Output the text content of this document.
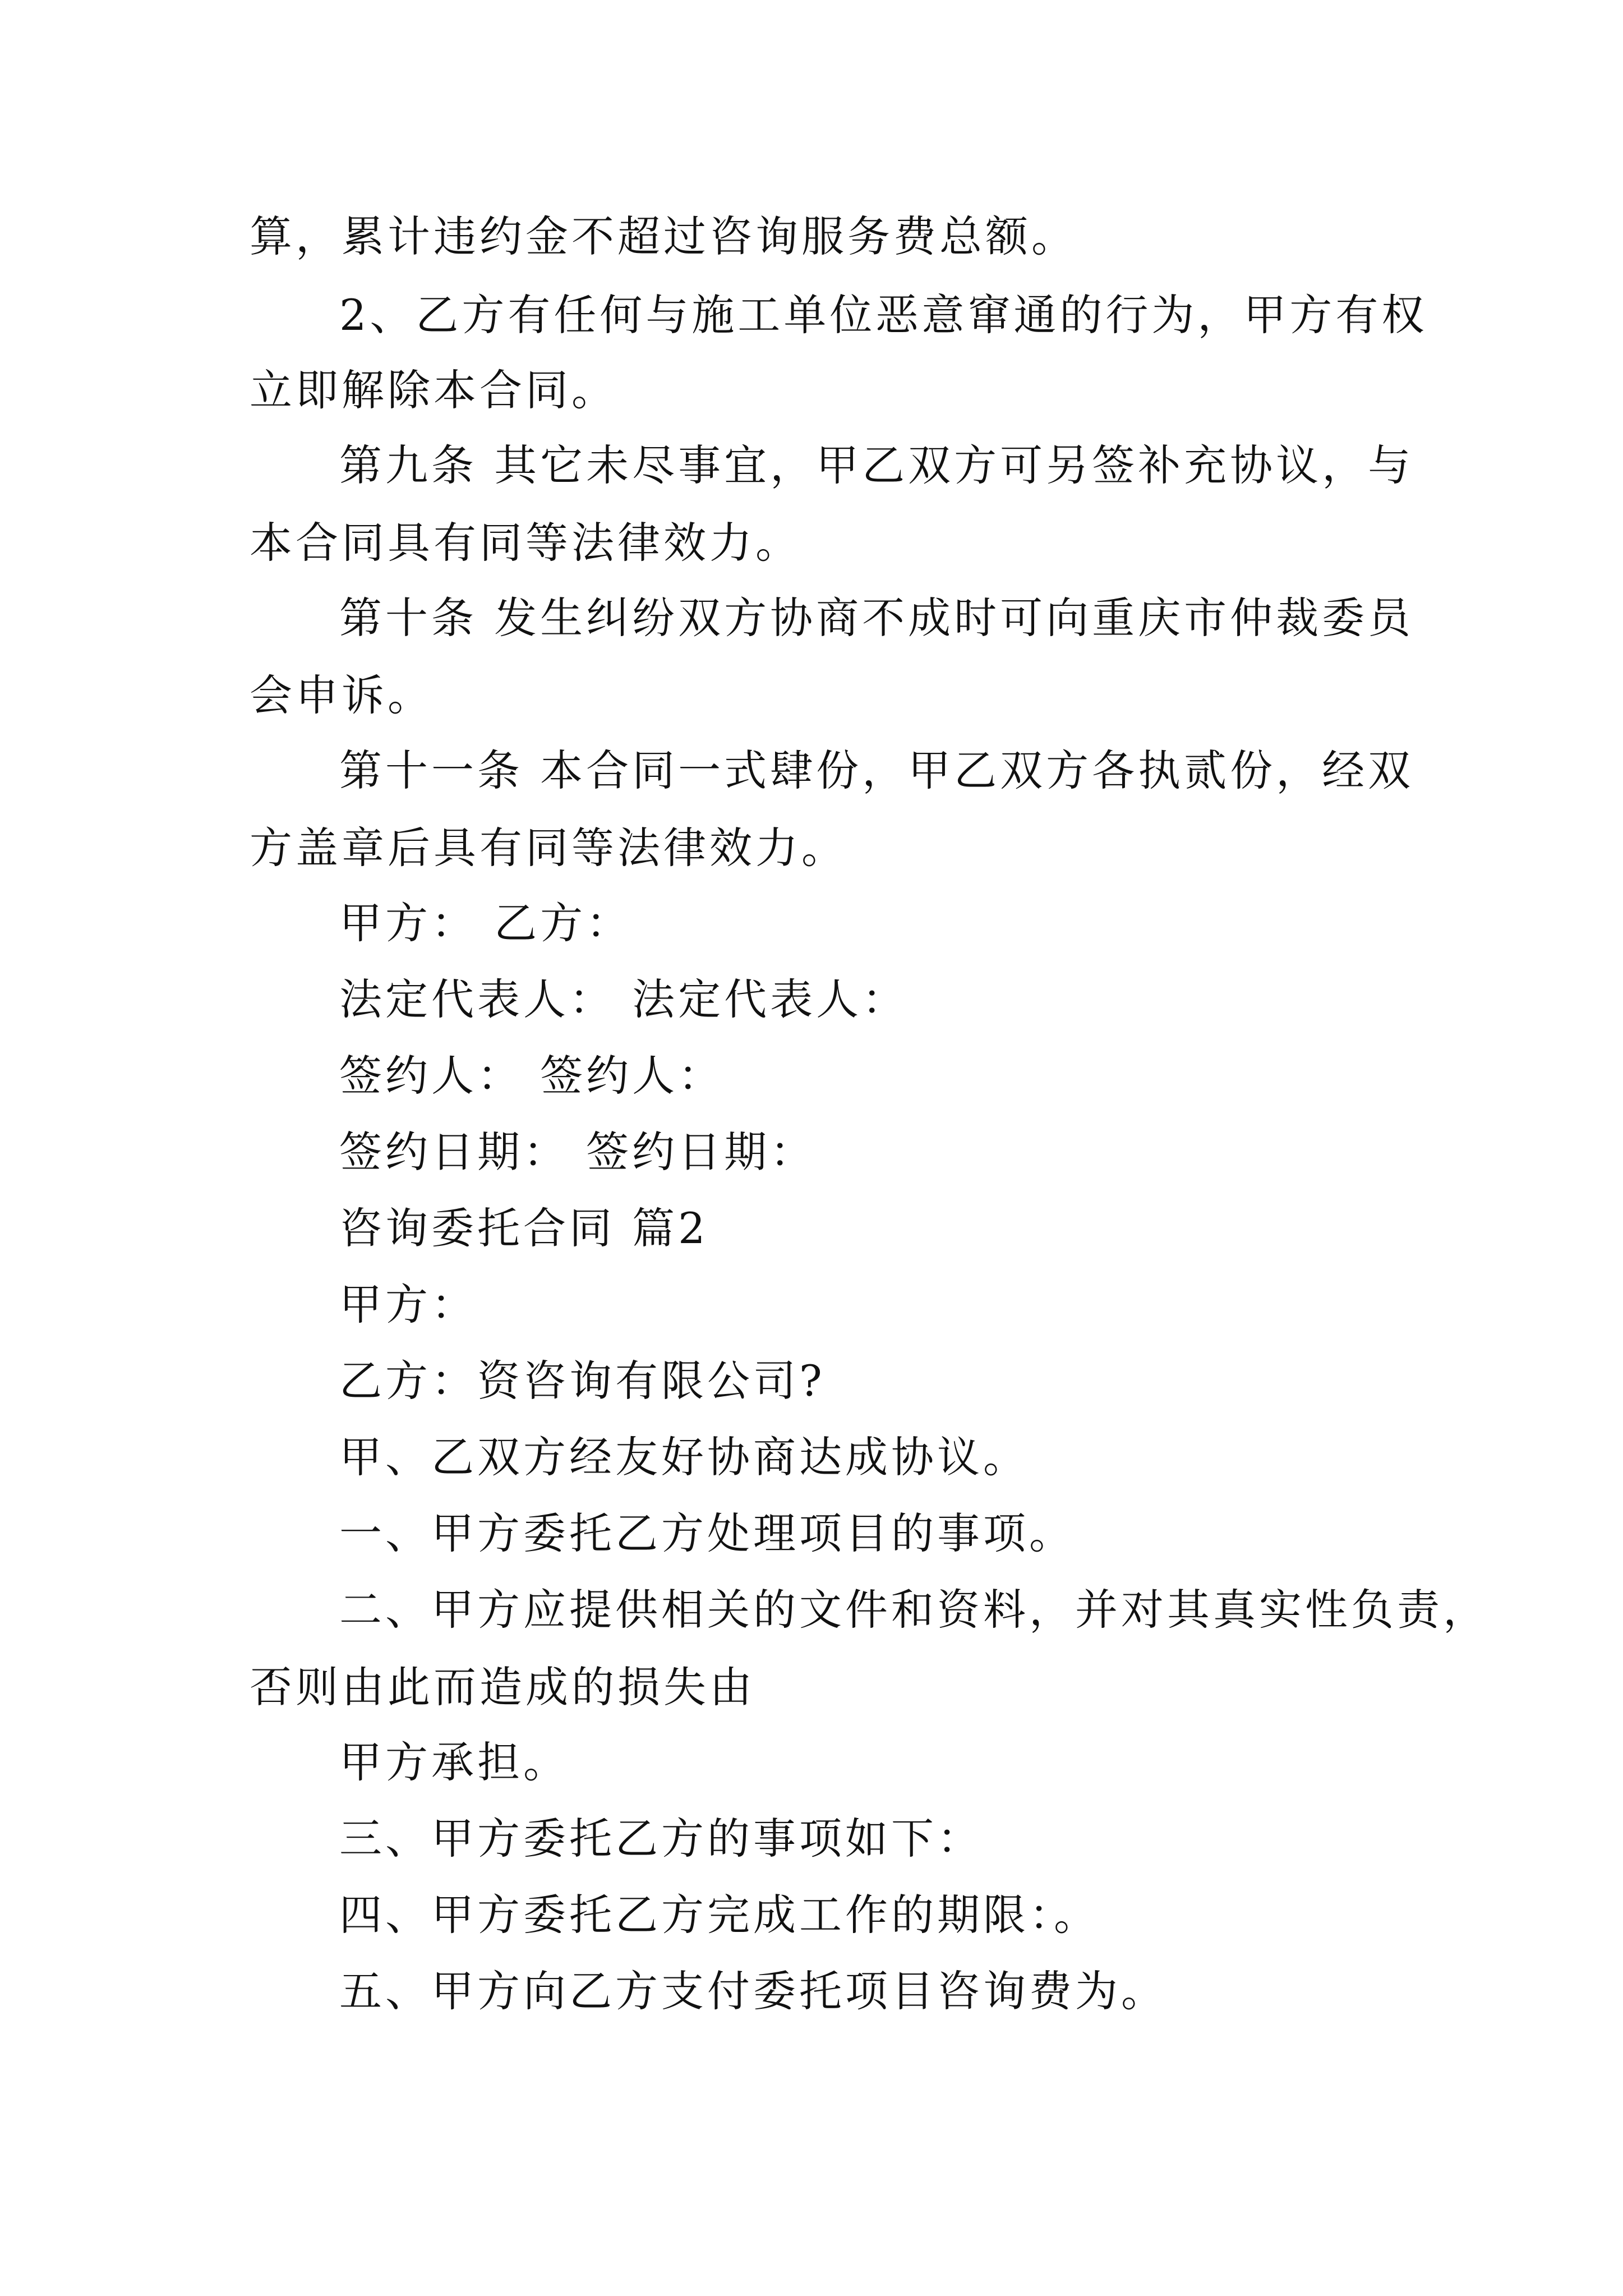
算，累计违约金不超过咨询服务费总额。
2、乙方有任何与施工单位恶意窜通的行为，甲方有权
立即解除本合同。
第九条 其它未尽事宜，甲乙双方可另签补充协议，与
本合同具有同等法律效力。
第十条 发生纠纷双方协商不成时可向重庆市仲裁委员
会申诉。
第十一条 本合同一式肆份，甲乙双方各执贰份，经双
方盖章后具有同等法律效力。
甲方： 乙方：
法定代表人： 法定代表人：
签约人： 签约人：
签约日期： 签约日期：
咨询委托合同 篇2
甲方：
乙方：资咨询有限公司?
甲、乙双方经友好协商达成协议。
一、甲方委托乙方处理项目的事项。
二、甲方应提供相关的文件和资料，并对其真实性负责，
否则由此而造成的损失由
甲方承担。
三、甲方委托乙方的事项如下：
四、甲方委托乙方完成工作的期限：。
五、甲方向乙方支付委托项目咨询费为。
